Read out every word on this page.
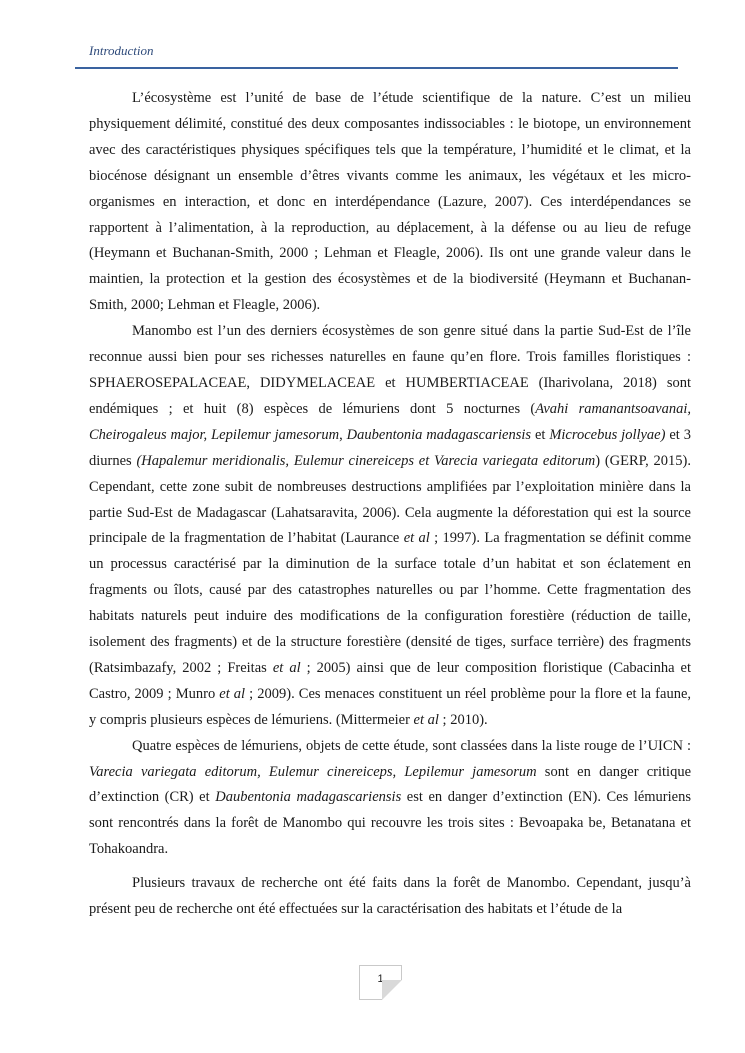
Introduction

L’écosystème est l’unité de base de l’étude scientifique de la nature. C’est un milieu physiquement délimité, constitué des deux composantes indissociables : le biotope, un environnement avec des caractéristiques physiques spécifiques tels que la température, l’humidité et le climat, et la biocénose désignant un ensemble d’êtres vivants comme les animaux, les végétaux et les micro-organismes en interaction, et donc en interdépendance (Lazure, 2007). Ces interdépendances se rapportent à l’alimentation, à la reproduction, au déplacement, à la défense ou au lieu de refuge (Heymann et Buchanan-Smith, 2000 ; Lehman et Fleagle, 2006). Ils ont une grande valeur dans le maintien, la protection et la gestion des écosystèmes et de la biodiversité (Heymann et Buchanan-Smith, 2000; Lehman et Fleagle, 2006).

Manombo est l’un des derniers écosystèmes de son genre situé dans la partie Sud-Est de l’île reconnue aussi bien pour ses richesses naturelles en faune qu’en flore. Trois familles floristiques : SPHAEROSEPALACEAE, DIDYMELACEAE et HUMBERTIACEAE (Iharivolana, 2018) sont endémiques ; et huit (8) espèces de lémuriens dont 5 nocturnes (Avahi ramanantsoavanai, Cheirogaleus major, Lepilemur jamesorum, Daubentonia madagascariensis et Microcebus jollyae) et 3 diurnes (Hapalemur meridionalis, Eulemur cinereiceps et Varecia variegata editorum) (GERP, 2015). Cependant, cette zone subit de nombreuses destructions amplifiées par l’exploitation minière dans la partie Sud-Est de Madagascar (Lahatsaravita, 2006). Cela augmente la déforestation qui est la source principale de la fragmentation de l’habitat (Laurance et al ; 1997). La fragmentation se définit comme un processus caractérisé par la diminution de la surface totale d’un habitat et son éclatement en fragments ou îlots, causé par des catastrophes naturelles ou par l’homme. Cette fragmentation des habitats naturels peut induire des modifications de la configuration forestière (réduction de taille, isolement des fragments) et de la structure forestière (densité de tiges, surface terrière) des fragments (Ratsimbazafy, 2002 ; Freitas et al ; 2005) ainsi que de leur composition floristique (Cabacinha et Castro, 2009 ; Munro et al ; 2009). Ces menaces constituent un réel problème pour la flore et la faune, y compris plusieurs espèces de lémuriens. (Mittermeier et al ; 2010).

Quatre espèces de lémuriens, objets de cette étude, sont classées dans la liste rouge de l’UICN : Varecia variegata editorum, Eulemur cinereiceps, Lepilemur jamesorum sont en danger critique d’extinction (CR) et Daubentonia madagascariensis est en danger d’extinction (EN). Ces lémuriens sont rencontrés dans la forêt de Manombo qui recouvre les trois sites : Bevoapaka be, Betanatana et Tohakoandra.

Plusieurs travaux de recherche ont été faits dans la forêt de Manombo. Cependant, jusqu’à présent peu de recherche ont été effectuées sur la caractérisation des habitats et l’étude de la

1
